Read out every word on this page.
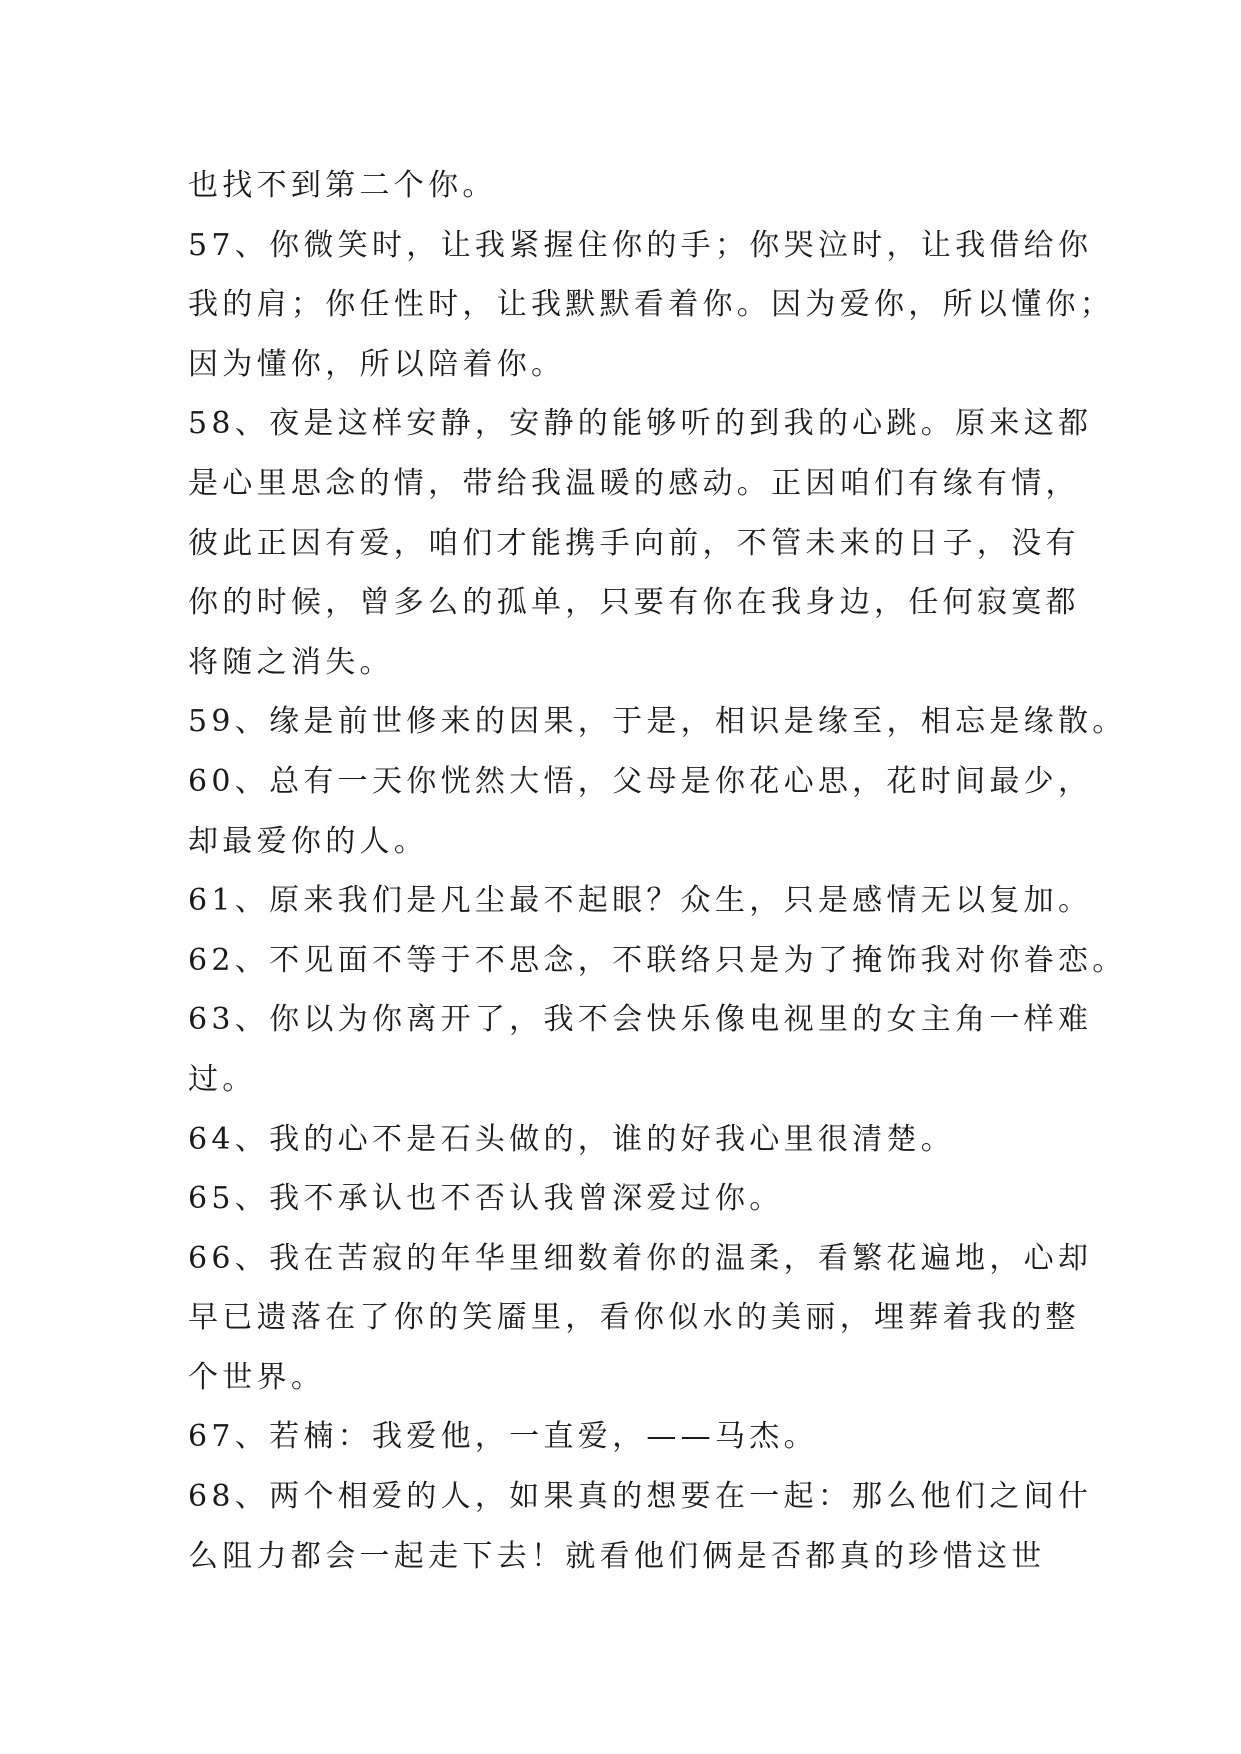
也找不到第二个你。
57、你微笑时，让我紧握住你的手；你哭泣时，让我借给你
我的肩；你任性时，让我默默看着你。因为爱你，所以懂你；
因为懂你，所以陪着你。
58、夜是这样安静，安静的能够听的到我的心跳。原来这都
是心里思念的情，带给我温暖的感动。正因咱们有缘有情，
彼此正因有爱，咱们才能携手向前，不管未来的日子，没有
你的时候，曾多么的孤单，只要有你在我身边，任何寂寞都
将随之消失。
59、缘是前世修来的因果，于是，相识是缘至，相忘是缘散。
60、总有一天你恍然大悟，父母是你花心思，花时间最少，
却最爱你的人。
61、原来我们是凡尘最不起眼？众生，只是感情无以复加。
62、不见面不等于不思念，不联络只是为了掩饰我对你眷恋。
63、你以为你离开了，我不会快乐像电视里的女主角一样难
过。
64、我的心不是石头做的，谁的好我心里很清楚。
65、我不承认也不否认我曾深爱过你。
66、我在苦寂的年华里细数着你的温柔，看繁花遍地，心却
早已遗落在了你的笑靥里，看你似水的美丽，埋葬着我的整
个世界。
67、若楠：我爱他，一直爱，——马杰。
68、两个相爱的人，如果真的想要在一起：那么他们之间什
么阻力都会一起走下去！就看他们俩是否都真的珍惜这世
